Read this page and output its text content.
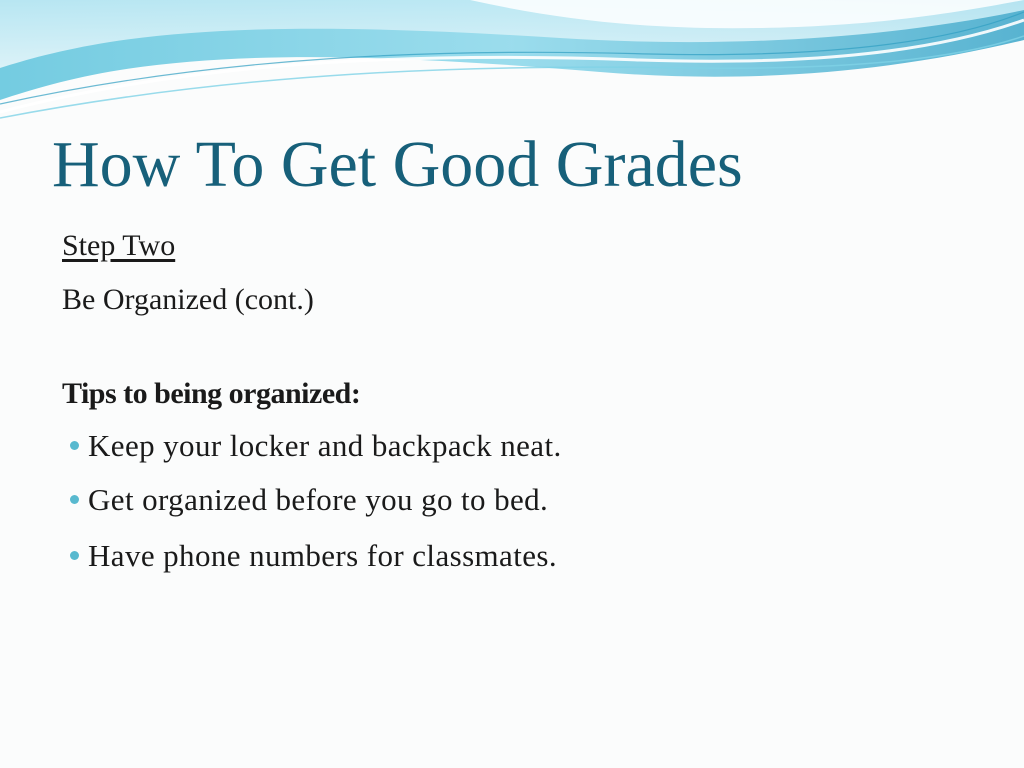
How To Get Good Grades
Step Two
Be Organized (cont.)
Tips to being organized:
Keep your locker and backpack neat.
Get organized before you go to bed.
Have phone numbers for classmates.
